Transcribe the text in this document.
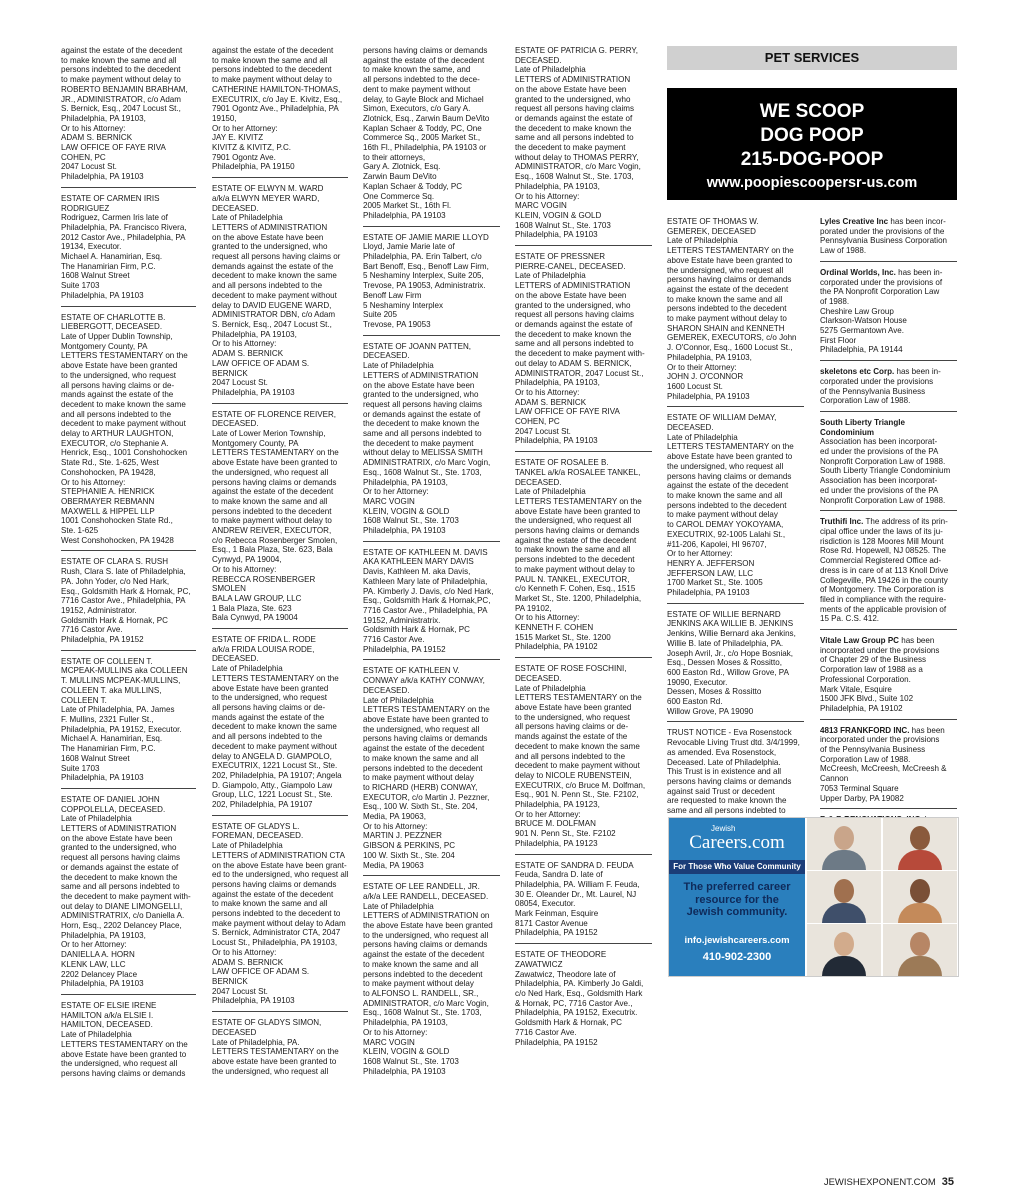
against the estate of the decedent
to make known the same and all
persons indebted to the decedent
to make payment without delay to
ROBERTO BENJAMIN BRABHAM,
JR., ADMINISTRATOR, c/o Adam
S. Bernick, Esq., 2047 Locust St.,
Philadelphia, PA 19103,
Or to his Attorney:
ADAM S. BERNICK
LAW OFFICE OF FAYE RIVA
COHEN, PC
2047 Locust St.
Philadelphia, PA 19103
ESTATE OF CARMEN IRIS
RODRIGUEZ
Rodriguez, Carmen Iris late of
Philadelphia, PA. Francisco Rivera,
2012 Castor Ave., Philadelphia, PA
19134, Executor.
Michael A. Hanamirian, Esq.
The Hanamirian Firm, P.C.
1608 Walnut Street
Suite 1703
Philadelphia, PA 19103
ESTATE OF CHARLOTTE B.
LIEBERGOTT, DECEASED.
Late of Upper Dublin Township,
Montgomery County, PA
LETTERS TESTAMENTARY on the
above Estate have been granted
to the undersigned, who request
all persons having claims or de-
mands against the estate of the
decedent to make known the same
and all persons indebted to the
decedent to make payment without
delay to ARTHUR LAUGHTON,
EXECUTOR, c/o Stephanie A.
Henrick, Esq., 1001 Conshohocken
State Rd., Ste. 1-625, West
Conshohocken, PA 19428,
Or to his Attorney:
STEPHANIE A. HENRICK
OBERMAYER REBMANN
MAXWELL & HIPPEL LLP
1001 Conshohocken State Rd.,
Ste. 1-625
West Conshohocken, PA 19428
ESTATE OF CLARA S. RUSH
Rush, Clara S. late of Philadelphia,
PA. John Yoder, c/o Ned Hark,
Esq., Goldsmith Hark & Hornak, PC,
7716 Castor Ave., Philadelphia, PA
19152, Administrator.
Goldsmith Hark & Hornak, PC
7716 Castor Ave.
Philadelphia, PA 19152
ESTATE OF COLLEEN T.
MCPEAK-MULLINS aka COLLEEN
T. MULLINS MCPEAK-MULLINS,
COLLEEN T. aka MULLINS,
COLLEEN T.
Late of Philadelphia, PA. James
F. Mullins, 2321 Fuller St.,
Philadelphia, PA 19152, Executor.
Michael A. Hanamirian, Esq.
The Hanamirian Firm, P.C.
1608 Walnut Street
Suite 1703
Philadelphia, PA 19103
ESTATE OF DANIEL JOHN
COPPOLELLA, DECEASED.
Late of Philadelphia
LETTERS of ADMINISTRATION
on the above Estate have been
granted to the undersigned, who
request all persons having claims
or demands against the estate of
the decedent to make known the
same and all persons indebted to
the decedent to make payment with-
out delay to DIANE LIMONGELLI,
ADMINISTRATRIX, c/o Daniella A.
Horn, Esq., 2202 Delancey Place,
Philadelphia, PA 19103,
Or to her Attorney:
DANIELLA A. HORN
KLENK LAW, LLC
2202 Delancey Place
Philadelphia, PA 19103
ESTATE OF ELSIE IRENE
HAMILTON a/k/a ELSIE I.
HAMILTON, DECEASED.
Late of Philadelphia
LETTERS TESTAMENTARY on the
above Estate have been granted to
the undersigned, who request all
persons having claims or demands
against the estate of the decedent
to make known the same and all
persons indebted to the decedent
to make payment without delay to
CATHERINE HAMILTON-THOMAS,
EXECUTRIX, c/o Jay E. Kivitz, Esq.,
7901 Ogontz Ave., Philadelphia, PA
19150,
Or to her Attorney:
JAY E. KIVITZ
KIVITZ & KIVITZ, P.C.
7901 Ogontz Ave.
Philadelphia, PA 19150
ESTATE OF ELWYN M. WARD
a/k/a ELWYN MEYER WARD,
DECEASED.
Late of Philadelphia
LETTERS of ADMINISTRATION
on the above Estate have been
granted to the undersigned, who
request all persons having claims or
demands against the estate of the
decedent to make known the same
and all persons indebted to the
decedent to make payment without
delay to DAVID EUGENE WARD,
ADMINISTRATOR DBN, c/o Adam
S. Bernick, Esq., 2047 Locust St.,
Philadelphia, PA 19103,
Or to his Attorney:
ADAM S. BERNICK
LAW OFFICE OF ADAM S.
BERNICK
2047 Locust St.
Philadelphia, PA 19103
ESTATE OF FLORENCE REIVER,
DECEASED.
Late of Lower Merion Township,
Montgomery County, PA
LETTERS TESTAMENTARY on the
above Estate have been granted to
the undersigned, who request all
persons having claims or demands
against the estate of the decedent
to make known the same and all
persons indebted to the decedent
to make payment without delay to
ANDREW REIVER, EXECUTOR,
c/o Rebecca Rosenberger Smolen,
Esq., 1 Bala Plaza, Ste. 623, Bala
Cynwyd, PA 19004,
Or to his Attorney:
REBECCA ROSENBERGER
SMOLEN
BALA LAW GROUP, LLC
1 Bala Plaza, Ste. 623
Bala Cynwyd, PA 19004
ESTATE OF FRIDA L. RODE
a/k/a FRIDA LOUISA RODE,
DECEASED.
Late of Philadelphia
LETTERS TESTAMENTARY on the
above Estate have been granted
to the undersigned, who request
all persons having claims or de-
mands against the estate of the
decedent to make known the same
and all persons indebted to the
decedent to make payment without
delay to ANGELA D. GIAMPOLO,
EXECUTRIX, 1221 Locust St., Ste.
202, Philadelphia, PA 19107; Angela
D. Giampolo, Atty., Giampolo Law
Group, LLC, 1221 Locust St., Ste.
202, Philadelphia, PA 19107
ESTATE OF GLADYS L.
FOREMAN, DECEASED.
Late of Philadelphia
LETTERS of ADMINISTRATION CTA
on the above Estate have been grant-
ed to the undersigned, who request all
persons having claims or demands
against the estate of the decedent
to make known the same and all
persons indebted to the decedent to
make payment without delay to Adam
S. Bernick, Administrator CTA, 2047
Locust St., Philadelphia, PA 19103,
Or to his Attorney:
ADAM S. BERNICK
LAW OFFICE OF ADAM S.
BERNICK
2047 Locust St.
Philadelphia, PA 19103
ESTATE OF GLADYS SIMON,
DECEASED
Late of Philadelphia, PA.
LETTERS TESTAMENTARY on the
above estate have been granted to
the undersigned, who request all
persons having claims or demands
against the estate of the decedent
to make known the same, and
all persons indebted to the dece-
dent to make payment without
delay, to Gayle Block and Michael
Simon, Executors, c/o Gary A.
Zlotnick, Esq., Zarwin Baum DeVito
Kaplan Schaer & Toddy, PC, One
Commerce Sq., 2005 Market St.,
16th Fl., Philadelphia, PA 19103 or
to their attorneys,
Gary A. Zlotnick, Esq.
Zarwin Baum DeVito
Kaplan Schaer & Toddy, PC
One Commerce Sq.
2005 Market St., 16th Fl.
Philadelphia, PA 19103
ESTATE OF JAMIE MARIE LLOYD
Lloyd, Jamie Marie late of
Philadelphia, PA. Erin Talbert, c/o
Bart Benoff, Esq., Benoff Law Firm,
5 Neshaminy Interplex, Suite 205,
Trevose, PA 19053, Administratrix.
Benoff Law Firm
5 Neshaminy Interplex
Suite 205
Trevose, PA 19053
ESTATE OF JOANN PATTEN,
DECEASED.
Late of Philadelphia
LETTERS of ADMINISTRATION
on the above Estate have been
granted to the undersigned, who
request all persons having claims
or demands against the estate of
the decedent to make known the
same and all persons indebted to
the decedent to make payment
without delay to MELISSA SMITH
ADMINISTRATRIX, c/o Marc Vogin,
Esq., 1608 Walnut St., Ste. 1703,
Philadelphia, PA 19103,
Or to her Attorney:
MARC VOGIN
KLEIN, VOGIN & GOLD
1608 Walnut St., Ste. 1703
Philadelphia, PA 19103
ESTATE OF KATHLEEN M. DAVIS
AKA KATHLEEN MARY DAVIS
Davis, Kathleen M. aka Davis,
Kathleen Mary late of Philadelphia,
PA. Kimberly J. Davis, c/o Ned Hark,
Esq., Goldsmith Hark & Hornak,PC,
7716 Castor Ave., Philadelphia, PA
19152, Administratrix.
Goldsmith Hark & Hornak, PC
7716 Castor Ave.
Philadelphia, PA 19152
ESTATE OF KATHLEEN V.
CONWAY a/k/a KATHY CONWAY,
DECEASED.
Late of Philadelphia
LETTERS TESTAMENTARY on the
above Estate have been granted to
the undersigned, who request all
persons having claims or demands
against the estate of the decedent
to make known the same and all
persons indebted to the decedent
to make payment without delay
to RICHARD (HERB) CONWAY,
EXECUTOR, c/o Martin J. Pezzner,
Esq., 100 W. Sixth St., Ste. 204,
Media, PA 19063,
Or to his Attorney:
MARTIN J. PEZZNER
GIBSON & PERKINS, PC
100 W. Sixth St., Ste. 204
Media, PA 19063
ESTATE OF LEE RANDELL, JR.
a/k/a LEE RANDELL, DECEASED.
Late of Philadelphia
LETTERS of ADMINISTRATION on
the above Estate have been granted
to the undersigned, who request all
persons having claims or demands
against the estate of the decedent
to make known the same and all
persons indebted to the decedent
to make payment without delay
to ALFONSO L. RANDELL, SR.,
ADMINISTRATOR, c/o Marc Vogin,
Esq., 1608 Walnut St., Ste. 1703,
Philadelphia, PA 19103,
Or to his Attorney:
MARC VOGIN
KLEIN, VOGIN & GOLD
1608 Walnut St., Ste. 1703
Philadelphia, PA 19103
ESTATE OF PATRICIA G. PERRY,
DECEASED.
Late of Philadelphia
LETTERS of ADMINISTRATION
on the above Estate have been
granted to the undersigned, who
request all persons having claims
or demands against the estate of
the decedent to make known the
same and all persons indebted to
the decedent to make payment
without delay to THOMAS PERRY,
ADMINISTRATOR, c/o Marc Vogin,
Esq., 1608 Walnut St., Ste. 1703,
Philadelphia, PA 19103,
Or to his Attorney:
MARC VOGIN
KLEIN, VOGIN & GOLD
1608 Walnut St., Ste. 1703
Philadelphia, PA 19103
ESTATE OF PRESSNER
PIERRE-CANEL, DECEASED.
Late of Philadelphia
LETTERS of ADMINISTRATION
on the above Estate have been
granted to the undersigned, who
request all persons having claims
or demands against the estate of
the decedent to make known the
same and all persons indebted to
the decedent to make payment with-
out delay to ADAM S. BERNICK,
ADMINISTRATOR, 2047 Locust St.,
Philadelphia, PA 19103,
Or to his Attorney:
ADAM S. BERNICK
LAW OFFICE OF FAYE RIVA
COHEN, PC
2047 Locust St.
Philadelphia, PA 19103
ESTATE OF ROSALEE B.
TANKEL a/k/a ROSALEE TANKEL,
DECEASED.
Late of Philadelphia
LETTERS TESTAMENTARY on the
above Estate have been granted to
the undersigned, who request all
persons having claims or demands
against the estate of the decedent
to make known the same and all
persons indebted to the decedent
to make payment without delay to
PAUL N. TANKEL, EXECUTOR,
c/o Kenneth F. Cohen, Esq., 1515
Market St., Ste. 1200, Philadelphia,
PA 19102,
Or to his Attorney:
KENNETH F. COHEN
1515 Market St., Ste. 1200
Philadelphia, PA 19102
ESTATE OF ROSE FOSCHINI,
DECEASED.
Late of Philadelphia
LETTERS TESTAMENTARY on the
above Estate have been granted
to the undersigned, who request
all persons having claims or de-
mands against the estate of the
decedent to make known the same
and all persons indebted to the
decedent to make payment without
delay to NICOLE RUBENSTEIN,
EXECUTRIX, c/o Bruce M. Dolfman,
Esq., 901 N. Penn St., Ste. F2102,
Philadelphia, PA 19123,
Or to her Attorney:
BRUCE M. DOLFMAN
901 N. Penn St., Ste. F2102
Philadelphia, PA 19123
ESTATE OF SANDRA D. FEUDA
Feuda, Sandra D. late of
Philadelphia, PA. William F. Feuda,
30 E. Oleander Dr., Mt. Laurel, NJ
08054, Executor.
Mark Feinman, Esquire
8171 Castor Avenue
Philadelphia, PA 19152
ESTATE OF THEODORE
ZAWATWICZ
Zawatwicz, Theodore late of
Philadelphia, PA. Kimberly Jo Galdi,
c/o Ned Hark, Esq., Goldsmith Hark
& Hornak, PC, 7716 Castor Ave.,
Philadelphia, PA 19152, Executrix.
Goldsmith Hark & Hornak, PC
7716 Castor Ave.
Philadelphia, PA 19152
ESTATE OF THOMAS W.
GEMEREK, DECEASED
Late of Philadelphia
LETTERS TESTAMENTARY on the
above Estate have been granted to
the undersigned, who request all
persons having claims or demands
against the estate of the decedent
to make known the same and all
persons indebted to the decedent
to make payment without delay to
SHARON SHAIN and KENNETH
GEMEREK, EXECUTORS, c/o John
J. O'Connor, Esq., 1600 Locust St.,
Philadelphia, PA 19103,
Or to their Attorney:
JOHN J. O'CONNOR
1600 Locust St.
Philadelphia, PA 19103
ESTATE OF WILLIAM DeMAY,
DECEASED.
Late of Philadelphia
LETTERS TESTAMENTARY on the
above Estate have been granted to
the undersigned, who request all
persons having claims or demands
against the estate of the decedent
to make known the same and all
persons indebted to the decedent
to make payment without delay
to CAROL DEMAY YOKOYAMA,
EXECUTRIX, 92-1005 Lalahi St.,
#11-206, Kapolei, HI 96707,
Or to her Attorney:
HENRY A. JEFFERSON
JEFFERSON LAW, LLC
1700 Market St., Ste. 1005
Philadelphia, PA 19103
ESTATE OF WILLIE BERNARD
JENKINS AKA WILLIE B. JENKINS
Jenkins, Willie Bernard aka Jenkins,
Willie B. late of Philadelphia, PA.
Joseph Avril, Jr., c/o Hope Bosniak,
Esq., Dessen Moses & Rossitto,
600 Easton Rd., Willow Grove, PA
19090, Executor.
Dessen, Moses & Rossitto
600 Easton Rd.
Willow Grove, PA 19090
TRUST NOTICE - Eva Rosenstock
Revocable Living Trust dtd. 3/4/1999,
as amended. Eva Rosenstock,
Deceased. Late of Philadelphia.
This Trust is in existence and all
persons having claims or demands
against said Trust or decedent
are requested to make known the
same and all persons indebted to
Lyles Creative Inc has been incor-
porated under the provisions of the
Pennsylvania Business Corporation
Law of 1988.
Ordinal Worlds, Inc. has been in-
corporated under the provisions of
the PA Nonprofit Corporation Law
of 1988.
Cheshire Law Group
Clarkson-Watson House
5275 Germantown Ave.
First Floor
Philadelphia, PA 19144
skeletons etc Corp. has been in-
corporated under the provisions
of the Pennsylvania Business
Corporation Law of 1988.
South Liberty Triangle Condominium
Association has been incorporat-
ed under the provisions of the PA
Nonprofit Corporation Law of 1988.
South Liberty Triangle Condominium
Association has been incorporat-
ed under the provisions of the PA
Nonprofit Corporation Law of 1988.
Truthifi Inc. The address of its prin-
cipal office under the laws of its ju-
risdiction is 128 Moores Mill Mount
Rose Rd. Hopewell, NJ 08525. The
Commercial Registered Office ad-
dress is in care of at 113 Knoll Drive
Collegeville, PA 19426 in the county
of Montgomery. The Corporation is
filed in compliance with the require-
ments of the applicable provision of
15 Pa. C.S. 412.
Vitale Law Group PC has been
incorporated under the provisions
of Chapter 29 of the Business
Corporation law of 1988 as a
Professional Corporation.
Mark Vitale, Esquire
1500 JFK Blvd., Suite 102
Philadelphia, PA 19102
4813 FRANKFORD INC. has been
incorporated under the provisions
of the Pennsylvania Business
Corporation Law of 1988.
McCreesh, McCreesh, McCreesh &
Cannon
7053 Terminal Square
Upper Darby, PA 19082
PET SERVICES
WE SCOOP
DOG POOP
215-DOG-POOP
www.poopiescoopersr-us.com
Jewish
Careers.com
For Those Who Value Community
The preferred career
resource for the
Jewish community.
info.jewishcareers.com
410-902-2300
JEWISHEXPONENT.COM 35
